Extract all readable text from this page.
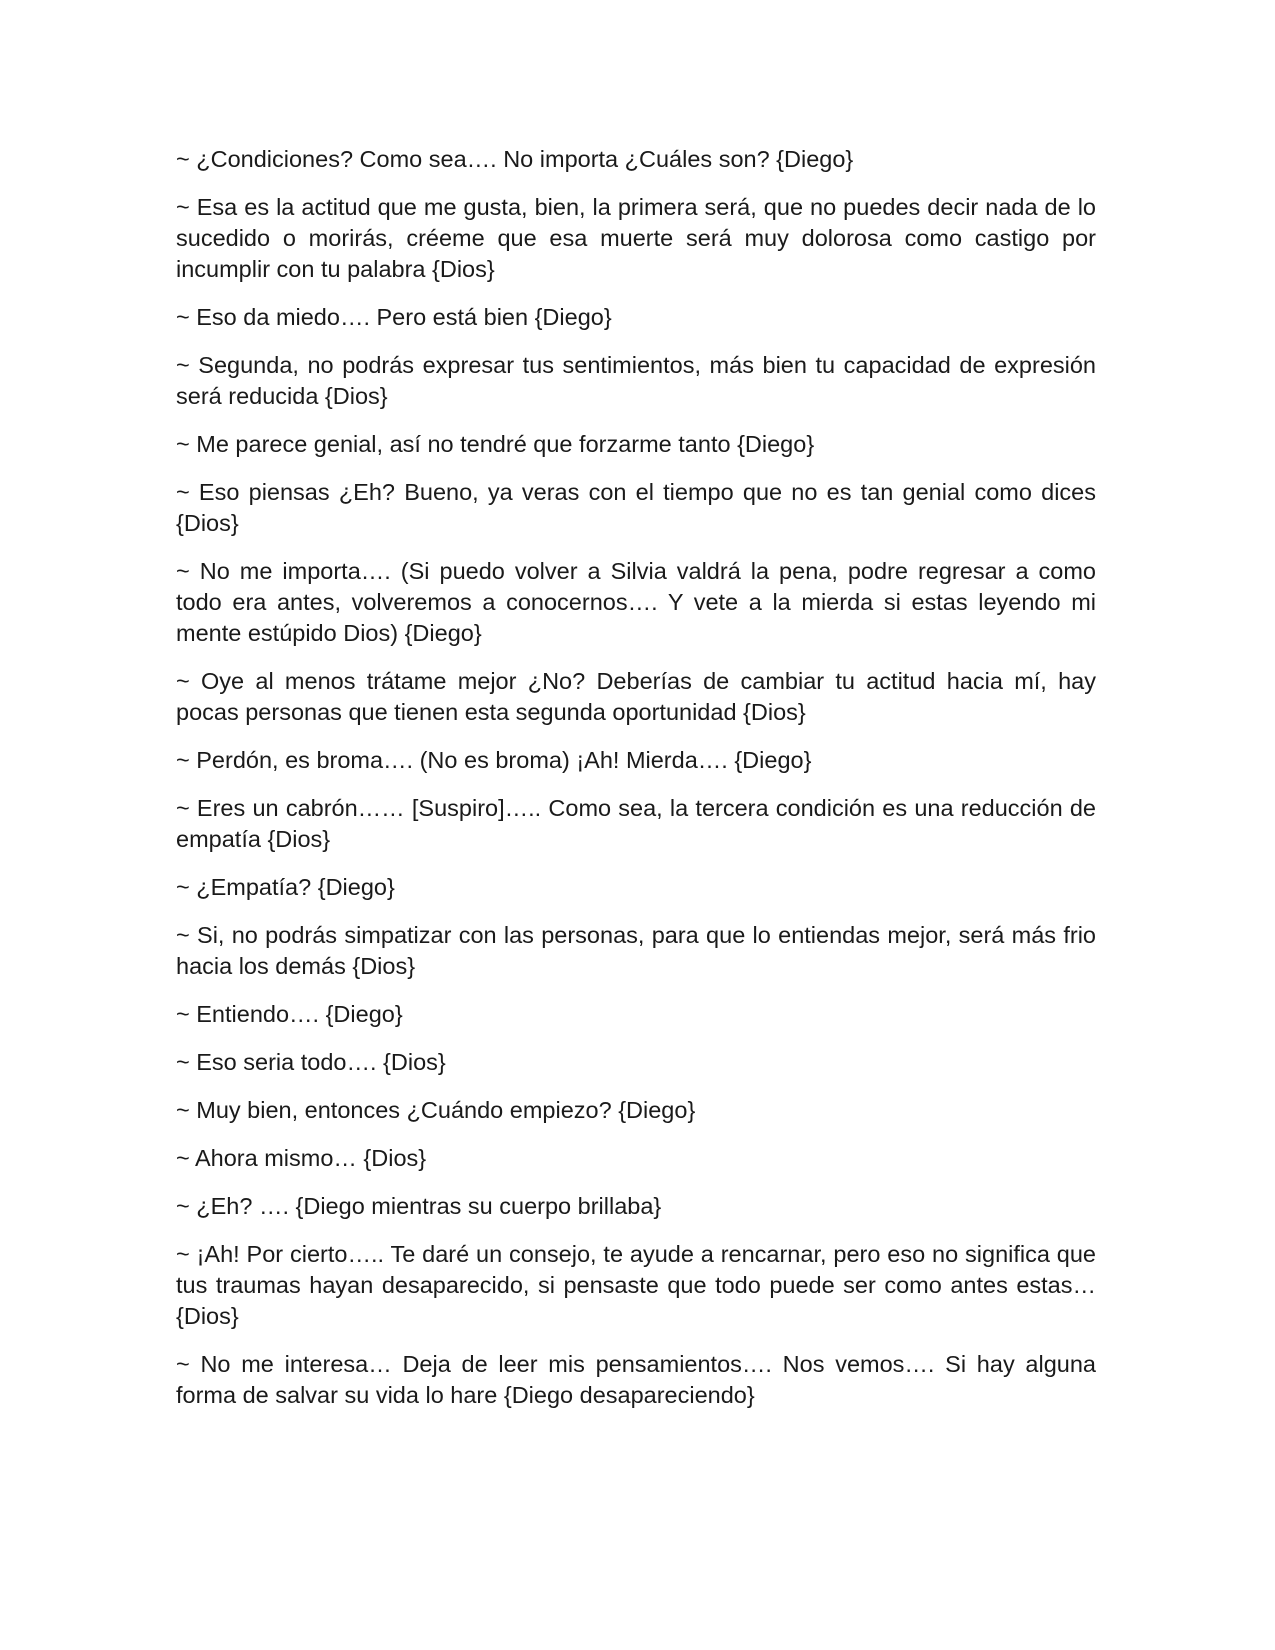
~ ¿Condiciones? Como sea…. No importa ¿Cuáles son? {Diego}

~ Esa es la actitud que me gusta, bien, la primera será, que no puedes decir nada de lo sucedido o morirás, créeme que esa muerte será muy dolorosa como castigo por incumplir con tu palabra {Dios}

~ Eso da miedo…. Pero está bien {Diego}

~ Segunda, no podrás expresar tus sentimientos, más bien tu capacidad de expresión será reducida {Dios}

~ Me parece genial, así no tendré que forzarme tanto {Diego}

~ Eso piensas ¿Eh? Bueno, ya veras con el tiempo que no es tan genial como dices {Dios}

~ No me importa…. (Si puedo volver a Silvia valdrá la pena, podre regresar a como todo era antes, volveremos a conocernos…. Y vete a la mierda si estas leyendo mi mente estúpido Dios) {Diego}

~ Oye al menos trátame mejor ¿No? Deberías de cambiar tu actitud hacia mí, hay pocas personas que tienen esta segunda oportunidad {Dios}

~ Perdón, es broma…. (No es broma) ¡Ah! Mierda…. {Diego}

~ Eres un cabrón…… [Suspiro]….. Como sea, la tercera condición es una reducción de empatía {Dios}

~ ¿Empatía? {Diego}

~ Si, no podrás simpatizar con las personas, para que lo entiendas mejor, será más frio hacia los demás {Dios}

~ Entiendo…. {Diego}

~ Eso seria todo…. {Dios}

~ Muy bien, entonces ¿Cuándo empiezo? {Diego}

~ Ahora mismo… {Dios}

~ ¿Eh? …. {Diego mientras su cuerpo brillaba}

~ ¡Ah! Por cierto….. Te daré un consejo, te ayude a rencarnar, pero eso no significa que tus traumas hayan desaparecido, si pensaste que todo puede ser como antes estas… {Dios}

~ No me interesa… Deja de leer mis pensamientos…. Nos vemos…. Si hay alguna forma de salvar su vida lo hare {Diego desapareciendo}
